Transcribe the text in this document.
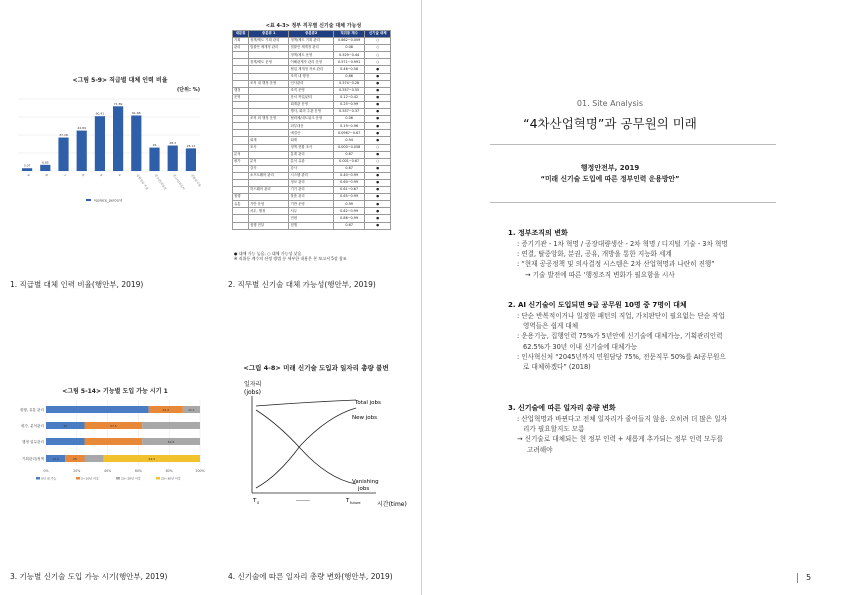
<그림 5-9> 직급별 대체 인력 비율
(단위: %)
3.07
9
6.85
8
37.18
7
44.89
6
60.91
5
71.89
4
61.68
임원직급 이상
26
연구관/지도관
28.3
연구사/지도사
25.13
전문임기제
replace_percent
1. 직급별 대체 인력 비율(행안부, 2019)
<표 4-3> 정부 직무별 신기술 대체 가능성
대분류	중분류 1	중분류2	직위등 계수	신기술 대체
기획	정책/제도 기획 관리	정책/제도 기획 관리	0.862~0.009	○
관리	법률안 제개정 관리	법률안 제개정 관리	0.08	○
		정책/제도 운영	0.529~0.44	○
	정책/제도 운영	이해관계자 관리 운영	0.571~0.991	○
		협업 재개정 자료 관리	0.46~0.58	●
		조직 내 행정	0.66	●
	조직 내 행정 운영	인사관리	0.574~0.28	●
행정		조직 운영	0.557~0.55	●
운영		문서 작업/관리	0.12~0.42	●
		회계관 운영	0.25~0.99	●
		행사, 회의 주관 운영	0.557~0.37	●
	조직 외 행정 운영	협력체/네트워크 운영	0.06	●
		외부대응	0.19~0.96	●
		예결산	0.0967~0.67	●
	회계	회계	0.94	●
	조사	정책 현황 조사	0.000~0.058	○
분석		통계 관리	0.67	●
평가	분석	분석 유관	0.001~0.67	○
	감사	감사	0.67	●
	소프트웨어 관리	시스템 관리	0.40~0.99	●
		정보 관리	0.60~0.99	●
	하드웨어 관리	기기 관리	0.61~0.67	●
집행		물품 관리	0.65~0.99	●
유통	기반 운영	기반 운영	0.99	●
	서무, 행정	서무	0.62~0.99	●
		민원	0.86~0.99	●
	집행 전달	집행	0.67	●
● 대체 가능 높음, ○ 대체 가능성 낮음
※ 직위등 계수의 산정 방법 등 세부한 내용은 본 보고서 5장 참조
2. 직무별 신기술 대체 가능성(행안부, 2019)
<그림 5-14> 기능별 도입 가능 시기 1
0%	20%	40%	60%	80%	100%
집행, 유통 관리	22.2	11.1
평가, 분석관리	25	37.5
행정 업무관리	62.5
기획관리/정책	12.5	25	62.5
5년 내 가능	5~10년 이후	10~20년 이후	20~30년 이후
3. 기능별 신기술 도입 가능 시기(행안부, 2019)
<그림 4-8> 미래 신기술 도입과 일자리 총량 불변
일자리
(jobs)
Total jobs
New jobs
Vanishing
jobs
T 0	-------	T future	시간(time)
4. 신기술에 따른 일자리 총량 변화(행안부, 2019)
01. Site Analysis
“4차산업혁명”과 공무원의 미래
행정안전부, 2019
“미래 신기술 도입에 따른 정부인력 운용방안”
1. 정부조직의 변화
: 증기기관 - 1차 혁명 / 공장대량생산 - 2차 혁명 / 디지털 기술 - 3차 혁명
: 연결, 탈중앙화, 분권, 공유, 개방을 통한 지능화 세계
: “현재 공공정책 및 의사결정 시스템은 2차 산업혁명과 나란히 진행”
→ 기술 발전에 따른 ‘행정조직 변화가 필요함을 시사
2. AI 신기술이 도입되면 9급 공무원 10명 중 7명이 대체
: 단순 반복적이거나 일정한 패턴의 직업, 가치판단이 필요없는 단순 작업
영역들은 쉽게 대체
: 운용기능, 집행인력 75%가 5년안에 신기술에 대체가능, 기획관리인력
62.5%가 30년 이내 신기술에 대체가능
: 인사혁신처 “2045년까지 민원담당 75%, 전문직무 50%를 AI공무원으
로 대체하겠다” (2018)
3. 신기술에 따른 일자리 총량 변화
: 산업혁명과 바뀐다고 전체 일자리가 줄어들지 않음. 오히려 더 많은 일자
리가 필요할지도 모름
→ 신기술로 대체되는 현 정부 인력 + 새롭게 추가되는 정부 인력 모두를
고려해야
5
